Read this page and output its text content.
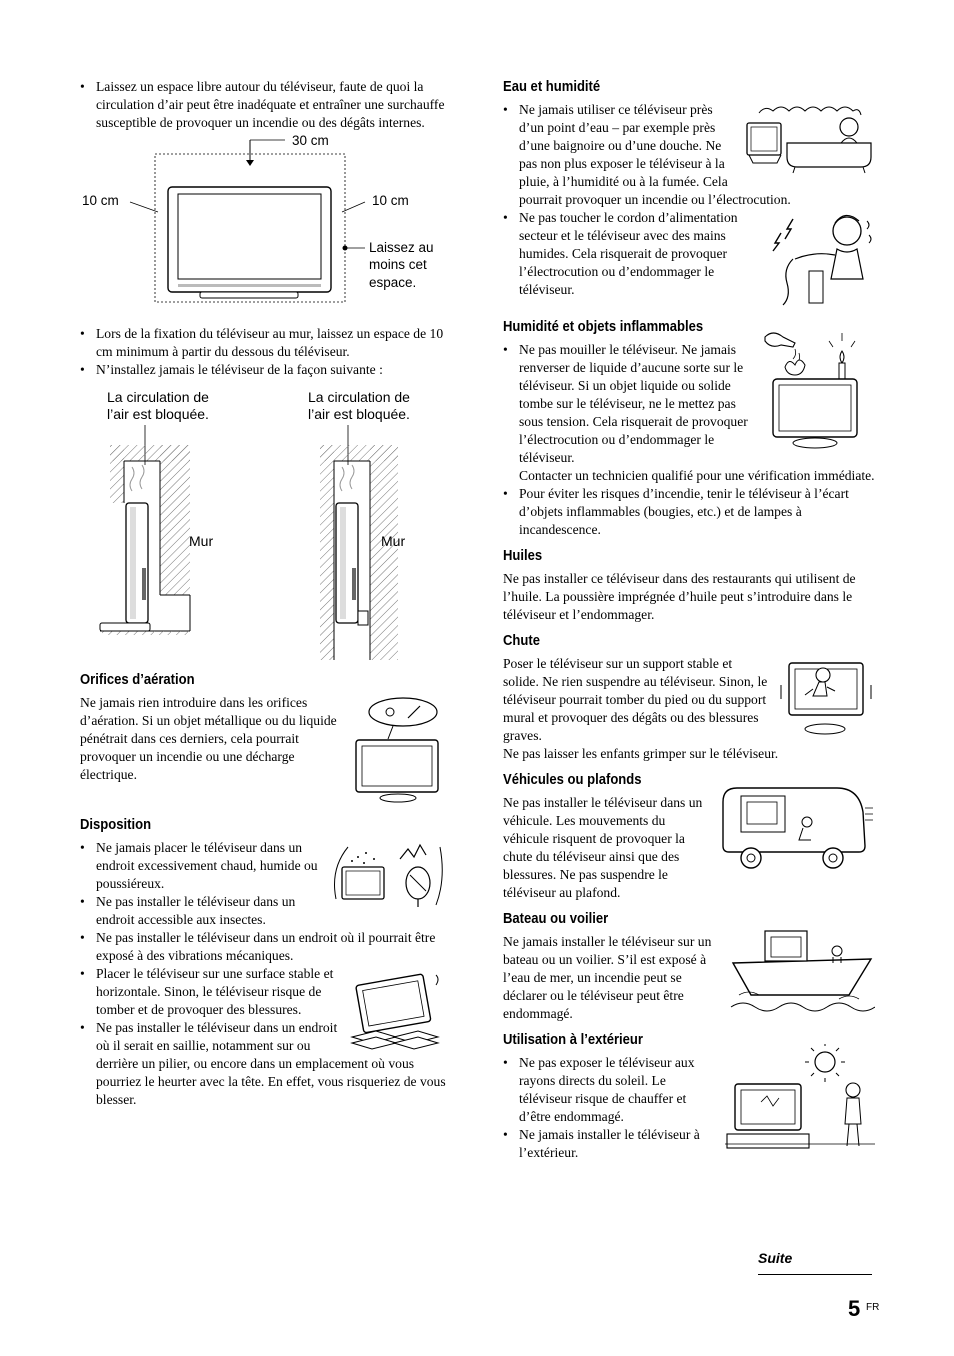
• Laissez un espace libre autour du téléviseur, faute de quoi la circulation d’air peut être inadéquate et entraîner une surchauffe susceptible de provoquer un incendie ou des dégâts internes.
30 cm
10 cm	10 cm
Laissez au
moins cet
espace.
• Lors de la fixation du téléviseur au mur, laissez un espace de 10 cm minimum à partir du dessous du téléviseur.
• N’installez jamais le téléviseur de la façon suivante :
La circulation de
l’air est bloquée.
La circulation de
l’air est bloquée.
Mur	Mur
Orifices d’aération
Ne jamais rien introduire dans les orifices d’aération. Si un objet métallique ou du liquide pénétrait dans ces derniers, cela pourrait provoquer un incendie ou une décharge électrique.
Disposition
• Ne jamais placer le téléviseur dans un endroit excessivement chaud, humide ou poussiéreux.
• Ne pas installer le téléviseur dans un endroit accessible aux insectes.
• Ne pas installer le téléviseur dans un endroit où il pourrait être exposé à des vibrations mécaniques.
• Placer le téléviseur sur une surface stable et horizontale. Sinon, le téléviseur risque de tomber et de provoquer des blessures.
• Ne pas installer le téléviseur dans un endroit où il serait en saillie, notamment sur ou derrière un pilier, ou encore dans un emplacement où vous pourriez le heurter avec la tête. En effet, vous risqueriez de vous blesser.
Eau et humidité
• Ne jamais utiliser ce téléviseur près d’un point d’eau – par exemple près d’une baignoire ou d’une douche. Ne pas non plus exposer le téléviseur à la pluie, à l’humidité ou à la fumée. Cela pourrait provoquer un incendie ou l’électrocution.
• Ne pas toucher le cordon d’alimentation secteur et le téléviseur avec des mains humides. Cela risquerait de provoquer l’électrocution ou d’endommager le téléviseur.
Humidité et objets inflammables
• Ne pas mouiller le téléviseur. Ne jamais renverser de liquide d’aucune sorte sur le téléviseur. Si un objet liquide ou solide tombe sur le téléviseur, ne le mettez pas sous tension. Cela risquerait de provoquer l’électrocution ou d’endommager le téléviseur.
Contacter un technicien qualifié pour une vérification immédiate.
• Pour éviter les risques d’incendie, tenir le téléviseur à l’écart d’objets inflammables (bougies, etc.) et de lampes à incandescence.
Huiles
Ne pas installer ce téléviseur dans des restaurants qui utilisent de l’huile. La poussière imprégnée d’huile peut s’introduire dans le téléviseur et l’endommager.
Chute
Poser le téléviseur sur un support stable et solide. Ne rien suspendre au téléviseur. Sinon, le téléviseur pourrait tomber du pied ou du support mural et provoquer des dégâts ou des blessures graves.
Ne pas laisser les enfants grimper sur le téléviseur.
Véhicules ou plafonds
Ne pas installer le téléviseur dans un véhicule. Les mouvements du véhicule risquent de provoquer la chute du téléviseur ainsi que des blessures. Ne pas suspendre le téléviseur au plafond.
Bateau ou voilier
Ne jamais installer le téléviseur sur un bateau ou un voilier. S’il est exposé à l’eau de mer, un incendie peut se déclarer ou le téléviseur peut être endommagé.
Utilisation à l’extérieur
• Ne pas exposer le téléviseur aux rayons directs du soleil. Le téléviseur risque de chauffer et d’être endommagé.
• Ne jamais installer le téléviseur à l’extérieur.
Suite
5 FR
